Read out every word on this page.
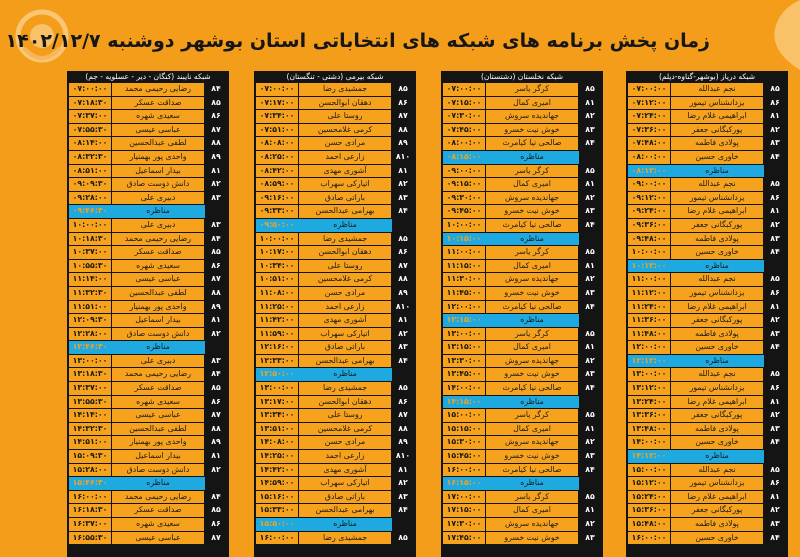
زمان پخش برنامه های شبکه های انتخاباتی استان بوشهر دوشنبه ۱۴۰۲/۱۲/۷
شبکه نایبند (کنگان - دیر - عسلویه - جم)
۰۷:۰۰:۰۰	رضایی رحیمی محمد	۸۴
۰۷:۱۸:۳۰	صداقت عسکر	۸۵
۰۷:۳۷:۰۰	سعیدی شهره	۸۶
۰۷:۵۵:۳۰	عباسی عیسی	۸۷
۰۸:۱۴:۰۰	لطفی عبدالحسین	۸۸
۰۸:۳۲:۳۰	واحدی پور بهمنیار	۸۹
۰۸:۵۱:۰۰	بیدار اسماعیل	۸۱
۰۹:۰۹:۳۰	دانش دوست صادق	۸۲
۰۹:۲۸:۰۰	دبیری علی	۸۳
۰۹:۴۶:۳۰	مناظره
۱۰:۰۰:۰۰	دبیری علی	۸۳
۱۰:۱۸:۳۰	رضایی رحیمی محمد	۸۴
۱۰:۳۷:۰۰	صداقت عسکر	۸۵
۱۰:۵۵:۳۰	سعیدی شهره	۸۶
۱۱:۱۴:۰۰	عباسی عیسی	۸۷
۱۱:۳۲:۳۰	لطفی عبدالحسین	۸۸
۱۱:۵۱:۰۰	واحدی پور بهمنیار	۸۹
۱۲:۰۹:۳۰	بیدار اسماعیل	۸۱
۱۲:۲۸:۰۰	دانش دوست صادق	۸۲
۱۲:۴۶:۳۰	مناظره
۱۳:۰۰:۰۰	دبیری علی	۸۳
۱۳:۱۸:۳۰	رضایی رحیمی محمد	۸۴
۱۳:۳۷:۰۰	صداقت عسکر	۸۵
۱۳:۵۵:۳۰	سعیدی شهره	۸۶
۱۴:۱۴:۰۰	عباسی عیسی	۸۷
۱۴:۳۲:۳۰	لطفی عبدالحسین	۸۸
۱۴:۵۱:۰۰	واحدی پور بهمنیار	۸۹
۱۵:۰۹:۳۰	بیدار اسماعیل	۸۱
۱۵:۲۸:۰۰	دانش دوست صادق	۸۲
۱۵:۴۶:۳۰	مناظره
۱۶:۰۰:۰۰	رضایی رحیمی محمد	۸۴
۱۶:۱۸:۳۰	صداقت عسکر	۸۵
۱۶:۳۷:۰۰	سعیدی شهره	۸۶
۱۶:۵۵:۳۰	عباسی عیسی	۸۷
شبکه بیرمی (دشتی - تنگستان)
۰۷:۰۰:۰۰	جمشیدی رضا	۸۵
۰۷:۱۷:۰۰	دهقان ابوالحسن	۸۶
۰۷:۳۴:۰۰	روستا علی	۸۷
۰۷:۵۱:۰۰	کرمی غلامحسین	۸۸
۰۸:۰۸:۰۰	مرادی حسن	۸۹
۰۸:۲۵:۰۰	زارعی احمد	۸۱۰
۰۸:۴۲:۰۰	آشوری مهدی	۸۱
۰۸:۵۹:۰۰	اتیارکی سهراب	۸۲
۰۹:۱۶:۰۰	باراتی صادق	۸۳
۰۹:۳۳:۰۰	بهرامی عبدالحسن	۸۴
۰۹:۵۰:۰۰	مناظره
۱۰:۰۰:۰۰	جمشیدی رضا	۸۵
۱۰:۱۷:۰۰	دهقان ابوالحسن	۸۶
۱۰:۳۴:۰۰	روستا علی	۸۷
۱۰:۵۱:۰۰	کرمی غلامحسین	۸۸
۱۱:۰۸:۰۰	مرادی حسن	۸۹
۱۱:۲۵:۰۰	زارعی احمد	۸۱۰
۱۱:۴۲:۰۰	آشوری مهدی	۸۱
۱۱:۵۹:۰۰	اتیارکی سهراب	۸۲
۱۲:۱۶:۰۰	باراتی صادق	۸۳
۱۲:۳۳:۰۰	بهرامی عبدالحسن	۸۴
۱۲:۵۰:۰۰	مناظره
۱۳:۰۰:۰۰	جمشیدی رضا	۸۵
۱۳:۱۷:۰۰	دهقان ابوالحسن	۸۶
۱۳:۳۴:۰۰	روستا علی	۸۷
۱۳:۵۱:۰۰	کرمی غلامحسین	۸۸
۱۴:۰۸:۰۰	مرادی حسن	۸۹
۱۴:۲۵:۰۰	زارعی احمد	۸۱۰
۱۴:۴۲:۰۰	آشوری مهدی	۸۱
۱۴:۵۹:۰۰	اتیارکی سهراب	۸۲
۱۵:۱۶:۰۰	باراتی صادق	۸۳
۱۵:۳۳:۰۰	بهرامی عبدالحسن	۸۴
۱۵:۵۰:۰۰	مناظره
۱۶:۰۰:۰۰	جمشیدی رضا	۸۵
شبکه نخلستان (دشتستان)
۰۷:۰۰:۰۰	کرگر یاسر	۸۵
۰۷:۱۵:۰۰	امیری کمال	۸۱
۰۷:۳۰:۰۰	جهاندیده سروش	۸۲
۰۷:۴۵:۰۰	خوش نیت خسرو	۸۳
۰۸:۰۰:۰۰	صالحی نیا کیامرث	۸۴
۰۸:۱۵:۰۰	مناظره
۰۹:۰۰:۰۰	کرگر یاسر	۸۵
۰۹:۱۵:۰۰	امیری کمال	۸۱
۰۹:۳۰:۰۰	جهاندیده سروش	۸۲
۰۹:۴۵:۰۰	خوش نیت خسرو	۸۳
۱۰:۰۰:۰۰	صالحی نیا کیامرث	۸۴
۱۰:۱۵:۰۰	مناظره
۱۱:۰۰:۰۰	کرگر یاسر	۸۵
۱۱:۱۵:۰۰	امیری کمال	۸۱
۱۱:۳۰:۰۰	جهاندیده سروش	۸۲
۱۱:۴۵:۰۰	خوش نیت خسرو	۸۳
۱۲:۰۰:۰۰	صالحی نیا کیامرث	۸۴
۱۲:۱۵:۰۰	مناظره
۱۳:۰۰:۰۰	کرگر یاسر	۸۵
۱۳:۱۵:۰۰	امیری کمال	۸۱
۱۳:۳۰:۰۰	جهاندیده سروش	۸۲
۱۳:۴۵:۰۰	خوش نیت خسرو	۸۳
۱۴:۰۰:۰۰	صالحی نیا کیامرث	۸۴
۱۴:۱۵:۰۰	مناظره
۱۵:۰۰:۰۰	کرگر یاسر	۸۵
۱۵:۱۵:۰۰	امیری کمال	۸۱
۱۵:۳۰:۰۰	جهاندیده سروش	۸۲
۱۵:۴۵:۰۰	خوش نیت خسرو	۸۳
۱۶:۰۰:۰۰	صالحی نیا کیامرث	۸۴
۱۶:۱۵:۰۰	مناظره
۱۷:۰۰:۰۰	کرگر یاسر	۸۵
۱۷:۱۵:۰۰	امیری کمال	۸۱
۱۷:۳۰:۰۰	جهاندیده سروش	۸۲
۱۷:۴۵:۰۰	خوش نیت خسرو	۸۳
شبکه دریاز (بوشهر-گناوه-دیلم)
۰۷:۰۰:۰۰	نجم عبدالله	۸۵
۰۷:۱۲:۰۰	یزدانشناس تیمور	۸۶
۰۷:۲۴:۰۰	ابراهیمی غلام رضا	۸۱
۰۷:۳۶:۰۰	پورکبگانی جعفر	۸۲
۰۷:۴۸:۰۰	پولادی فاطمه	۸۳
۰۸:۰۰:۰۰	خاوری حسین	۸۴
۰۸:۱۲:۰۰	مناظره
۰۹:۰۰:۰۰	نجم عبدالله	۸۵
۰۹:۱۲:۰۰	یزدانشناس تیمور	۸۶
۰۹:۲۴:۰۰	ابراهیمی غلام رضا	۸۱
۰۹:۳۶:۰۰	پورکبگانی جعفر	۸۲
۰۹:۴۸:۰۰	پولادی فاطمه	۸۳
۱۰:۰۰:۰۰	خاوری حسین	۸۴
۱۰:۱۲:۰۰	مناظره
۱۱:۰۰:۰۰	نجم عبدالله	۸۵
۱۱:۱۲:۰۰	یزدانشناس تیمور	۸۶
۱۱:۲۴:۰۰	ابراهیمی غلام رضا	۸۱
۱۱:۳۶:۰۰	پورکبگانی جعفر	۸۲
۱۱:۴۸:۰۰	پولادی فاطمه	۸۳
۱۲:۰۰:۰۰	خاوری حسین	۸۴
۱۲:۱۲:۰۰	مناظره
۱۳:۰۰:۰۰	نجم عبدالله	۸۵
۱۳:۱۲:۰۰	یزدانشناس تیمور	۸۶
۱۳:۲۴:۰۰	ابراهیمی غلام رضا	۸۱
۱۳:۳۶:۰۰	پورکبگانی جعفر	۸۲
۱۳:۴۸:۰۰	پولادی فاطمه	۸۳
۱۴:۰۰:۰۰	خاوری حسین	۸۴
۱۴:۱۲:۰۰	مناظره
۱۵:۰۰:۰۰	نجم عبدالله	۸۵
۱۵:۱۲:۰۰	یزدانشناس تیمور	۸۶
۱۵:۲۴:۰۰	ابراهیمی غلام رضا	۸۱
۱۵:۳۶:۰۰	پورکبگانی جعفر	۸۲
۱۵:۴۸:۰۰	پولادی فاطمه	۸۳
۱۶:۰۰:۰۰	خاوری حسین	۸۴
